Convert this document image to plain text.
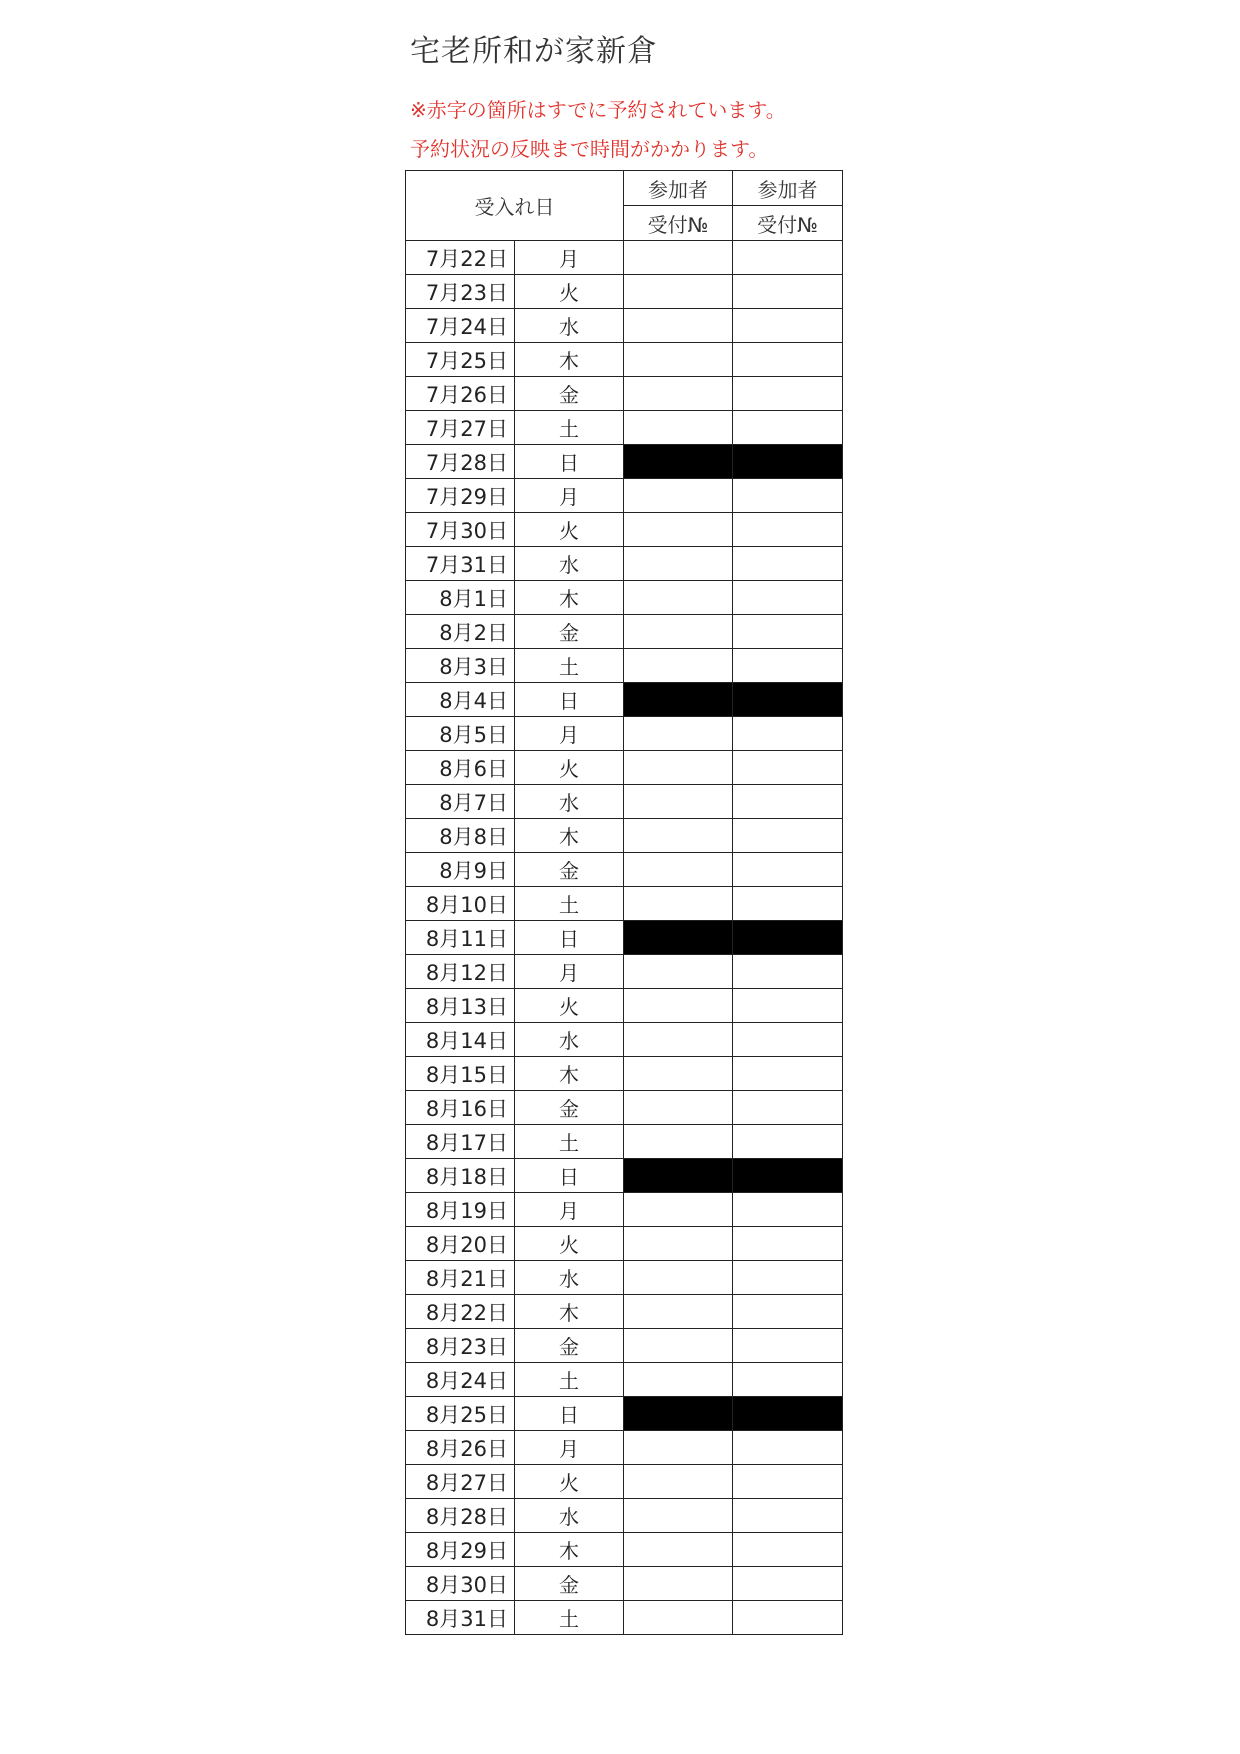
宅老所和が家新倉
※赤字の箇所はすでに予約されています。
予約状況の反映まで時間がかかります。
受入れ日		参加者	参加者
		受付№	受付№
7月22日	月		
7月23日	火		
7月24日	水		
7月25日	木		
7月26日	金		
7月27日	土		
7月28日	日		
7月29日	月		
7月30日	火		
7月31日	水		
8月1日	木		
8月2日	金		
8月3日	土		
8月4日	日		
8月5日	月		
8月6日	火		
8月7日	水		
8月8日	木		
8月9日	金		
8月10日	土		
8月11日	日		
8月12日	月		
8月13日	火		
8月14日	水		
8月15日	木		
8月16日	金		
8月17日	土		
8月18日	日		
8月19日	月		
8月20日	火		
8月21日	水		
8月22日	木		
8月23日	金		
8月24日	土		
8月25日	日		
8月26日	月		
8月27日	火		
8月28日	水		
8月29日	木		
8月30日	金		
8月31日	土		
